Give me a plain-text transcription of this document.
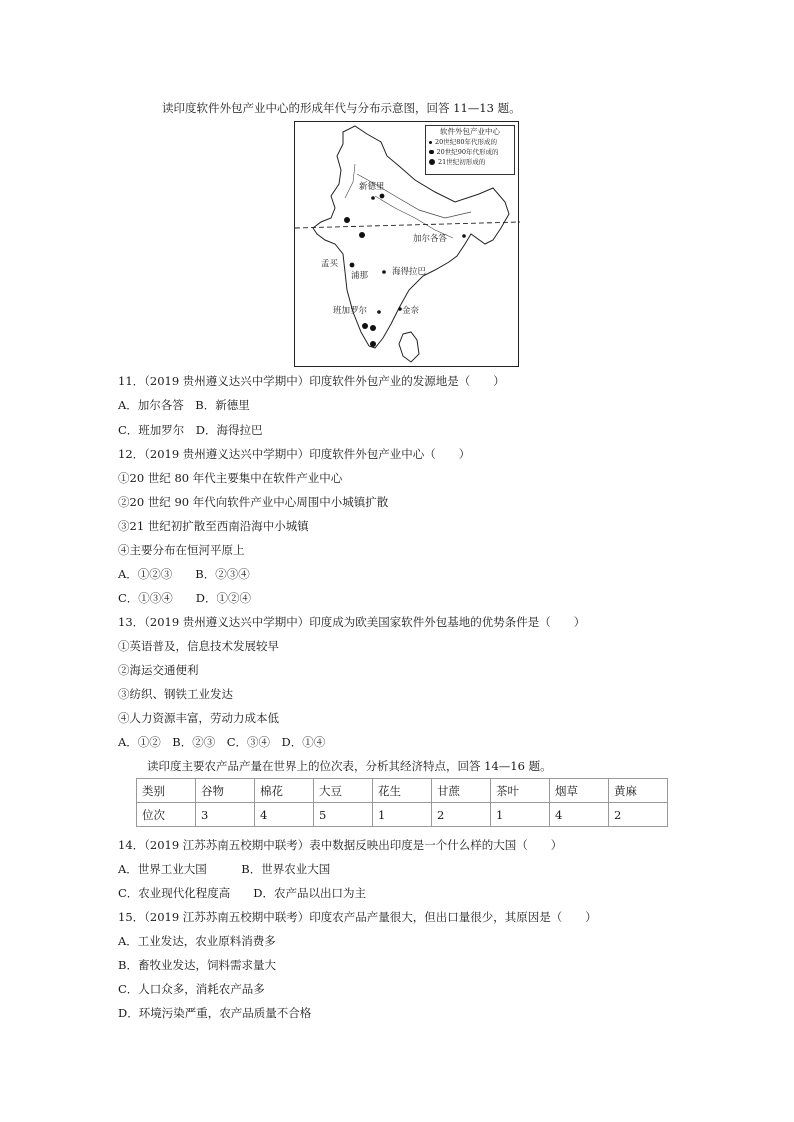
读印度软件外包产业中心的形成年代与分布示意图，回答 11—13 题。
软件外包产业中心
20世纪80年代形成的
20世纪90年代形成的
21世纪初形成的
新德里
加尔各答
孟买
浦那	海得拉巴
班加罗尔	金奈
11．（2019 贵州遵义达兴中学期中）印度软件外包产业的发源地是（　　）
A．加尔各答　B．新德里
C．班加罗尔　D．海得拉巴
12．（2019 贵州遵义达兴中学期中）印度软件外包产业中心（　　）
①20 世纪 80 年代主要集中在软件产业中心
②20 世纪 90 年代向软件产业中心周围中小城镇扩散
③21 世纪初扩散至西南沿海中小城镇
④主要分布在恒河平原上
A．①②③　　B．②③④
C．①③④　　D．①②④
13．（2019 贵州遵义达兴中学期中）印度成为欧美国家软件外包基地的优势条件是（　　）
①英语普及，信息技术发展较早
②海运交通便利
③纺织、钢铁工业发达
④人力资源丰富，劳动力成本低
A．①②　B．②③　C．③④　D．①④
读印度主要农产品产量在世界上的位次表，分析其经济特点，回答 14—16 题。
类别	谷物	棉花	大豆	花生	甘蔗	茶叶	烟草	黄麻
位次	3	4	5	1	2	1	4	2
14．（2019 江苏苏南五校期中联考）表中数据反映出印度是一个什么样的大国（　　）
A．世界工业大国　　　B．世界农业大国
C．农业现代化程度高　　D．农产品以出口为主
15．（2019 江苏苏南五校期中联考）印度农产品产量很大，但出口量很少，其原因是（　　）
A．工业发达，农业原料消费多
B．畜牧业发达，饲料需求量大
C．人口众多，消耗农产品多
D．环境污染严重，农产品质量不合格
